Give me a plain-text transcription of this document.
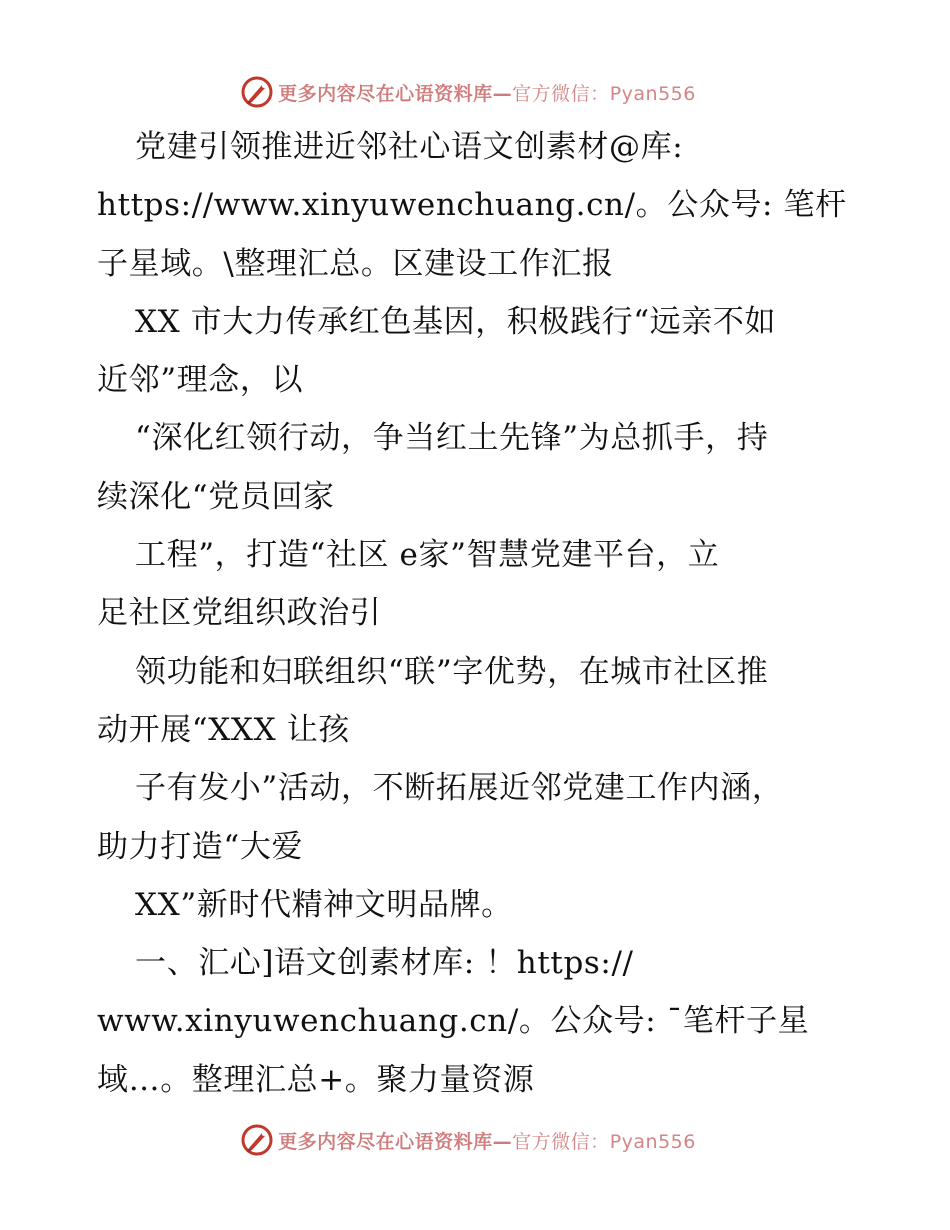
更多内容尽在心语资料库—官方微信：Pyan556
党建引领推进近邻社心语文创素材@库:
https://www.xinyuwenchuang.cn/。公众号: 笔杆
子星域。\整理汇总。区建设工作汇报
XX 市大力传承红色基因，积极践行“远亲不如
近邻”理念，以
“深化红领行动，争当红土先锋”为总抓手，持
续深化“党员回家
工程”，打造“社区 e家”智慧党建平台，立
足社区党组织政治引
领功能和妇联组织“联”字优势，在城市社区推
动开展“XXX 让孩
子有发小”活动，不断拓展近邻党建工作内涵，
助力打造“大爱
XX”新时代精神文明品牌。
一、汇心]语文创素材库: ！https://
www.xinyuwenchuang.cn/。公众号: ¯笔杆子星
域…。整理汇总+。聚力量资源
更多内容尽在心语资料库—官方微信：Pyan556
